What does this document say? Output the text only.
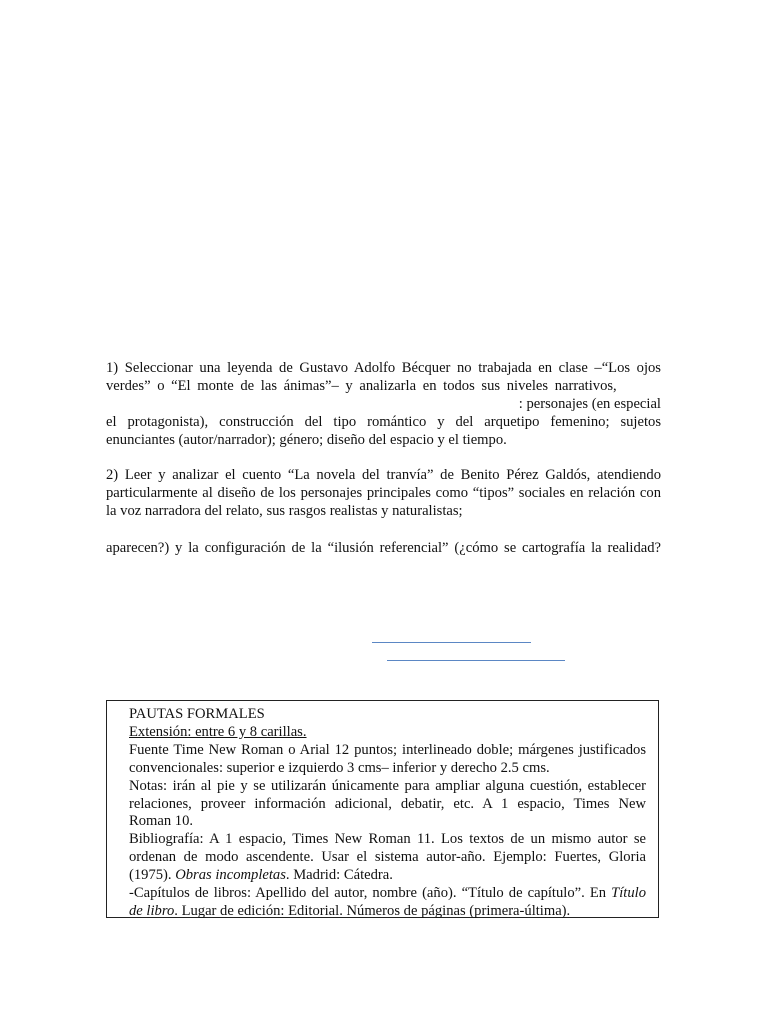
1) Seleccionar una leyenda de Gustavo Adolfo Bécquer no trabajada en clase –“Los ojos
verdes” o “El monte de las ánimas”– y analizarla en todos sus niveles narrativos,
: personajes (en especial
el protagonista), construcción del tipo romántico y del arquetipo femenino; sujetos
enunciantes (autor/narrador); género; diseño del espacio y el tiempo.
2) Leer y analizar el cuento “La novela del tranvía” de Benito Pérez Galdós, atendiendo
particularmente al diseño de los personajes principales como “tipos” sociales en relación con
la voz narradora del relato, sus rasgos realistas y naturalistas;
aparecen?) y la configuración de la “ilusión referencial” (¿cómo se cartografía la realidad?
PAUTAS FORMALES
Extensión: entre 6 y 8 carillas.
Fuente Time New Roman o Arial 12 puntos; interlineado doble; márgenes justificados
convencionales: superior e izquierdo 3 cms– inferior y derecho 2.5 cms.
Notas: irán al pie y se utilizarán únicamente para ampliar alguna cuestión, establecer
relaciones, proveer información adicional, debatir, etc. A 1 espacio, Times New
Roman 10.
Bibliografía: A 1 espacio, Times New Roman 11. Los textos de un mismo autor se
ordenan de modo ascendente. Usar el sistema autor-año. Ejemplo: Fuertes, Gloria
(1975). Obras incompletas. Madrid: Cátedra.
-Capítulos de libros: Apellido del autor, nombre (año). “Título de capítulo”. En Título
de libro. Lugar de edición: Editorial. Números de páginas (primera-última).
